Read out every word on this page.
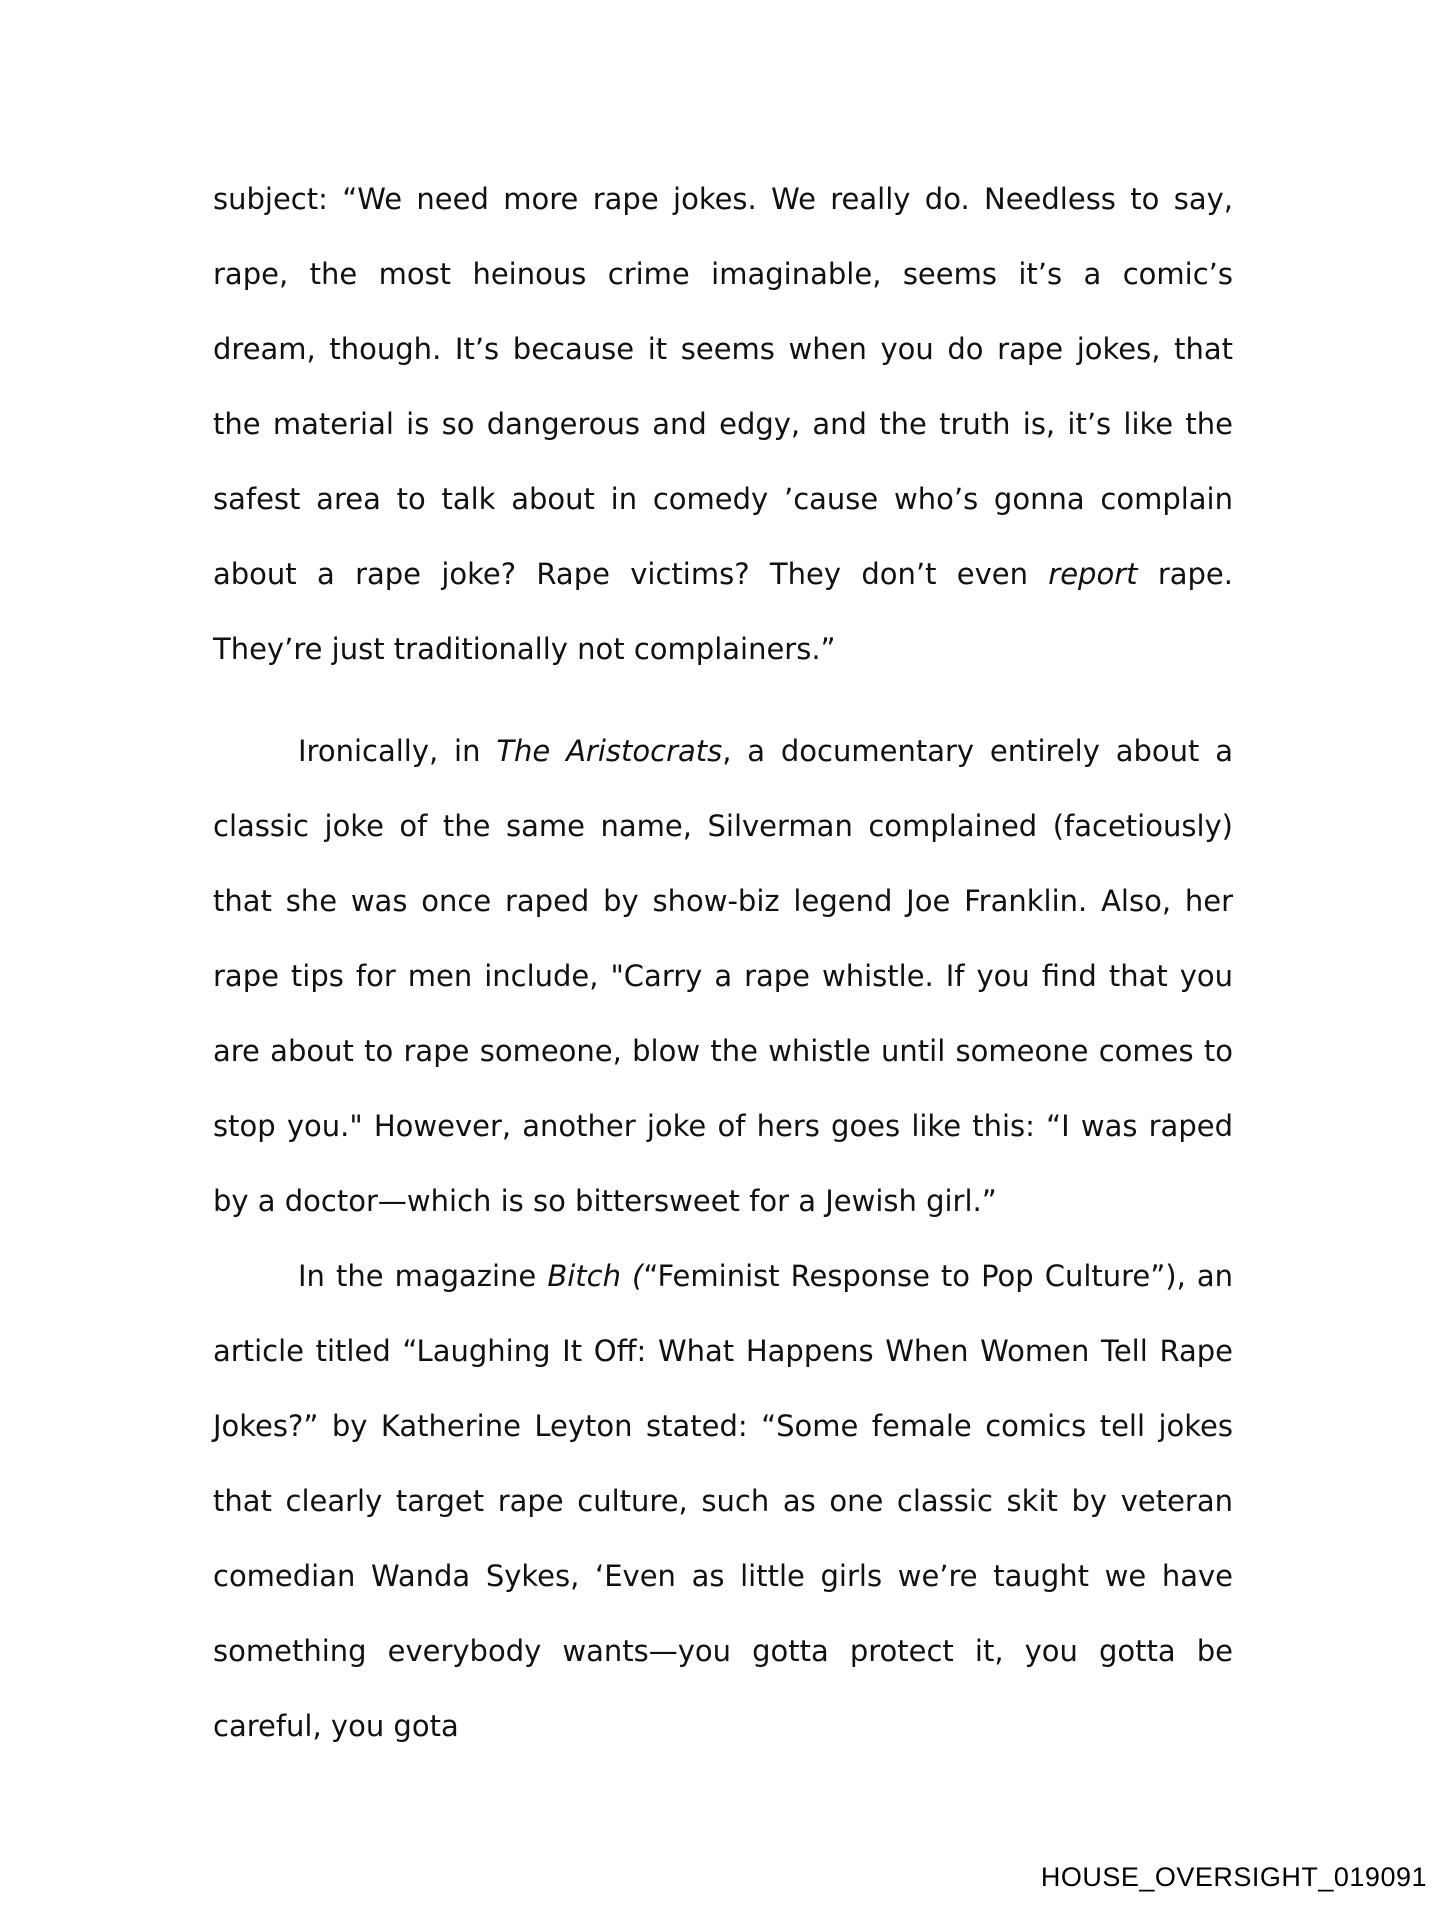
subject: “We need more rape jokes. We really do. Needless to say, rape, the most heinous crime imaginable, seems it’s a comic’s dream, though. It’s because it seems when you do rape jokes, that the material is so dangerous and edgy, and the truth is, it’s like the safest area to talk about in comedy ’cause who’s gonna complain about a rape joke? Rape victims? They don’t even report rape. They’re just traditionally not complainers.”

Ironically, in The Aristocrats, a documentary entirely about a classic joke of the same name, Silverman complained (facetiously) that she was once raped by show-biz legend Joe Franklin. Also, her rape tips for men include, "Carry a rape whistle. If you find that you are about to rape someone, blow the whistle until someone comes to stop you." However, another joke of hers goes like this: “I was raped by a doctor—which is so bittersweet for a Jewish girl.”

In the magazine Bitch (“Feminist Response to Pop Culture”), an article titled “Laughing It Off: What Happens When Women Tell Rape Jokes?” by Katherine Leyton stated: “Some female comics tell jokes that clearly target rape culture, such as one classic skit by veteran comedian Wanda Sykes, ‘Even as little girls we’re taught we have something everybody wants—you gotta protect it, you gotta be careful, you gota

HOUSE_OVERSIGHT_019091
